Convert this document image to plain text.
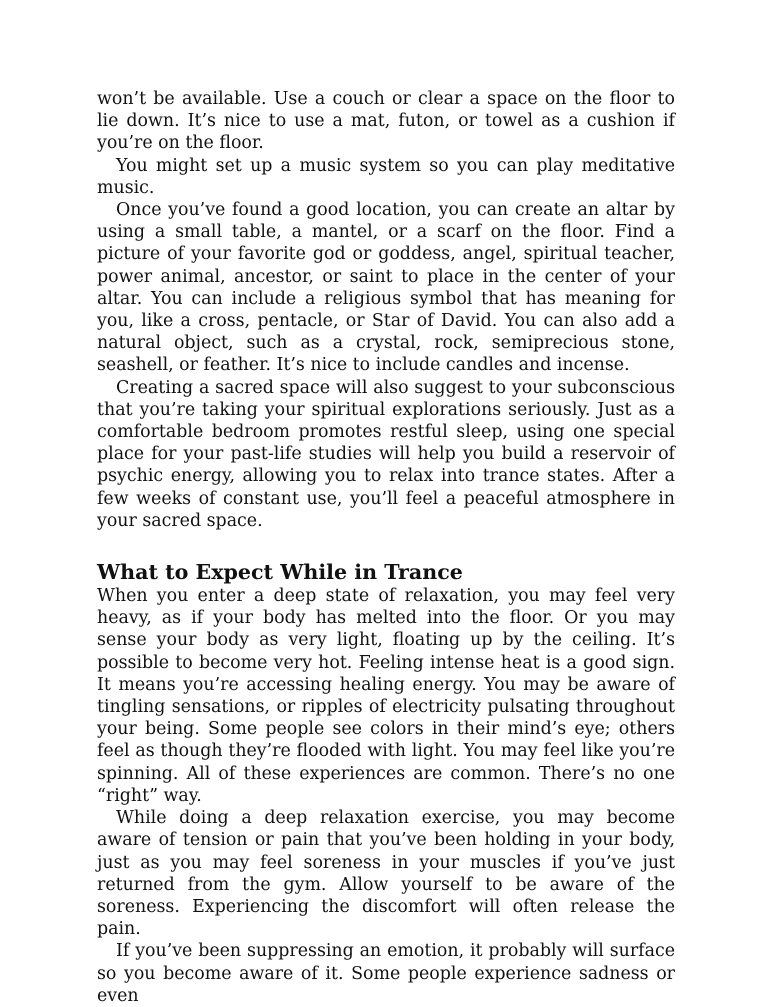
won’t be available. Use a couch or clear a space on the floor to lie down. It’s nice to use a mat, futon, or towel as a cushion if you’re on the floor.

You might set up a music system so you can play meditative music.

Once you’ve found a good location, you can create an altar by using a small table, a mantel, or a scarf on the floor. Find a picture of your favorite god or goddess, angel, spiritual teacher, power animal, ancestor, or saint to place in the center of your altar. You can include a religious symbol that has meaning for you, like a cross, pentacle, or Star of David. You can also add a natural object, such as a crystal, rock, semiprecious stone, seashell, or feather. It’s nice to include candles and incense.

Creating a sacred space will also suggest to your subconscious that you’re taking your spiritual explorations seriously. Just as a comfortable bedroom promotes restful sleep, using one special place for your past-life studies will help you build a reservoir of psychic energy, allowing you to relax into trance states. After a few weeks of constant use, you’ll feel a peaceful atmosphere in your sacred space.

What to Expect While in Trance

When you enter a deep state of relaxation, you may feel very heavy, as if your body has melted into the floor. Or you may sense your body as very light, floating up by the ceiling. It’s possible to become very hot. Feeling intense heat is a good sign. It means you’re accessing healing energy. You may be aware of tingling sensations, or ripples of electricity pulsating throughout your being. Some people see colors in their mind’s eye; others feel as though they’re flooded with light. You may feel like you’re spinning. All of these experiences are common. There’s no one “right” way.

While doing a deep relaxation exercise, you may become aware of tension or pain that you’ve been holding in your body, just as you may feel soreness in your muscles if you’ve just returned from the gym. Allow yourself to be aware of the soreness. Experiencing the discomfort will often release the pain.

If you’ve been suppressing an emotion, it probably will surface so you become aware of it. Some people experience sadness or even
